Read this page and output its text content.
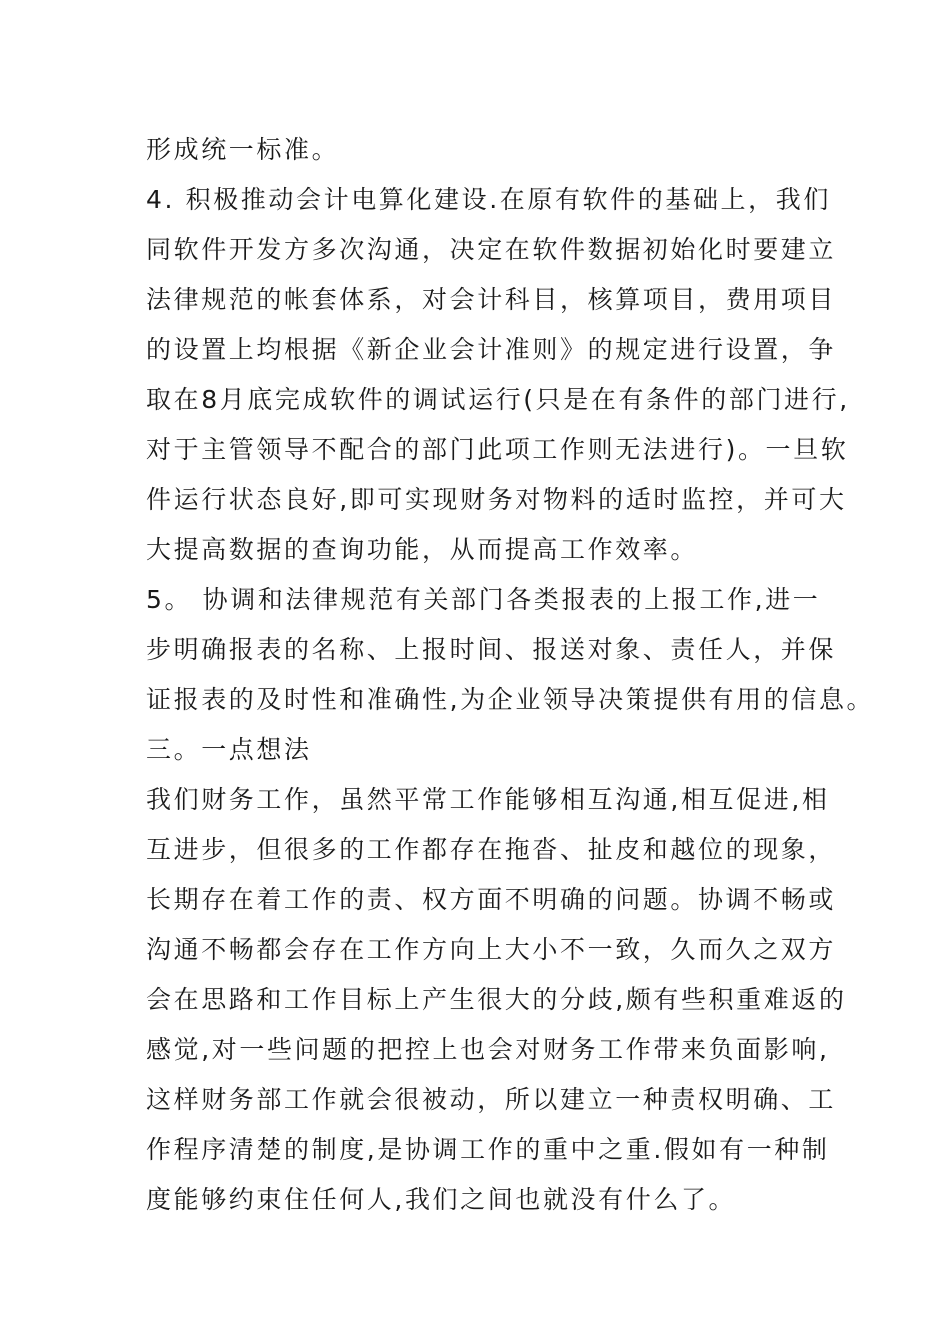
形成统一标准。
4. 积极推动会计电算化建设.在原有软件的基础上，我们
同软件开发方多次沟通，决定在软件数据初始化时要建立
法律规范的帐套体系，对会计科目，核算项目，费用项目
的设置上均根据《新企业会计准则》的规定进行设置，争
取在8月底完成软件的调试运行(只是在有条件的部门进行,
对于主管领导不配合的部门此项工作则无法进行)。一旦软
件运行状态良好,即可实现财务对物料的适时监控，并可大
大提高数据的查询功能，从而提高工作效率。
5。 协调和法律规范有关部门各类报表的上报工作,进一
步明确报表的名称、上报时间、报送对象、责任人，并保
证报表的及时性和准确性,为企业领导决策提供有用的信息。
三。一点想法
我们财务工作，虽然平常工作能够相互沟通,相互促进,相
互进步，但很多的工作都存在拖沓、扯皮和越位的现象，
长期存在着工作的责、权方面不明确的问题。协调不畅或
沟通不畅都会存在工作方向上大小不一致，久而久之双方
会在思路和工作目标上产生很大的分歧,颇有些积重难返的
感觉,对一些问题的把控上也会对财务工作带来负面影响,
这样财务部工作就会很被动，所以建立一种责权明确、工
作程序清楚的制度,是协调工作的重中之重.假如有一种制
度能够约束住任何人,我们之间也就没有什么了。
